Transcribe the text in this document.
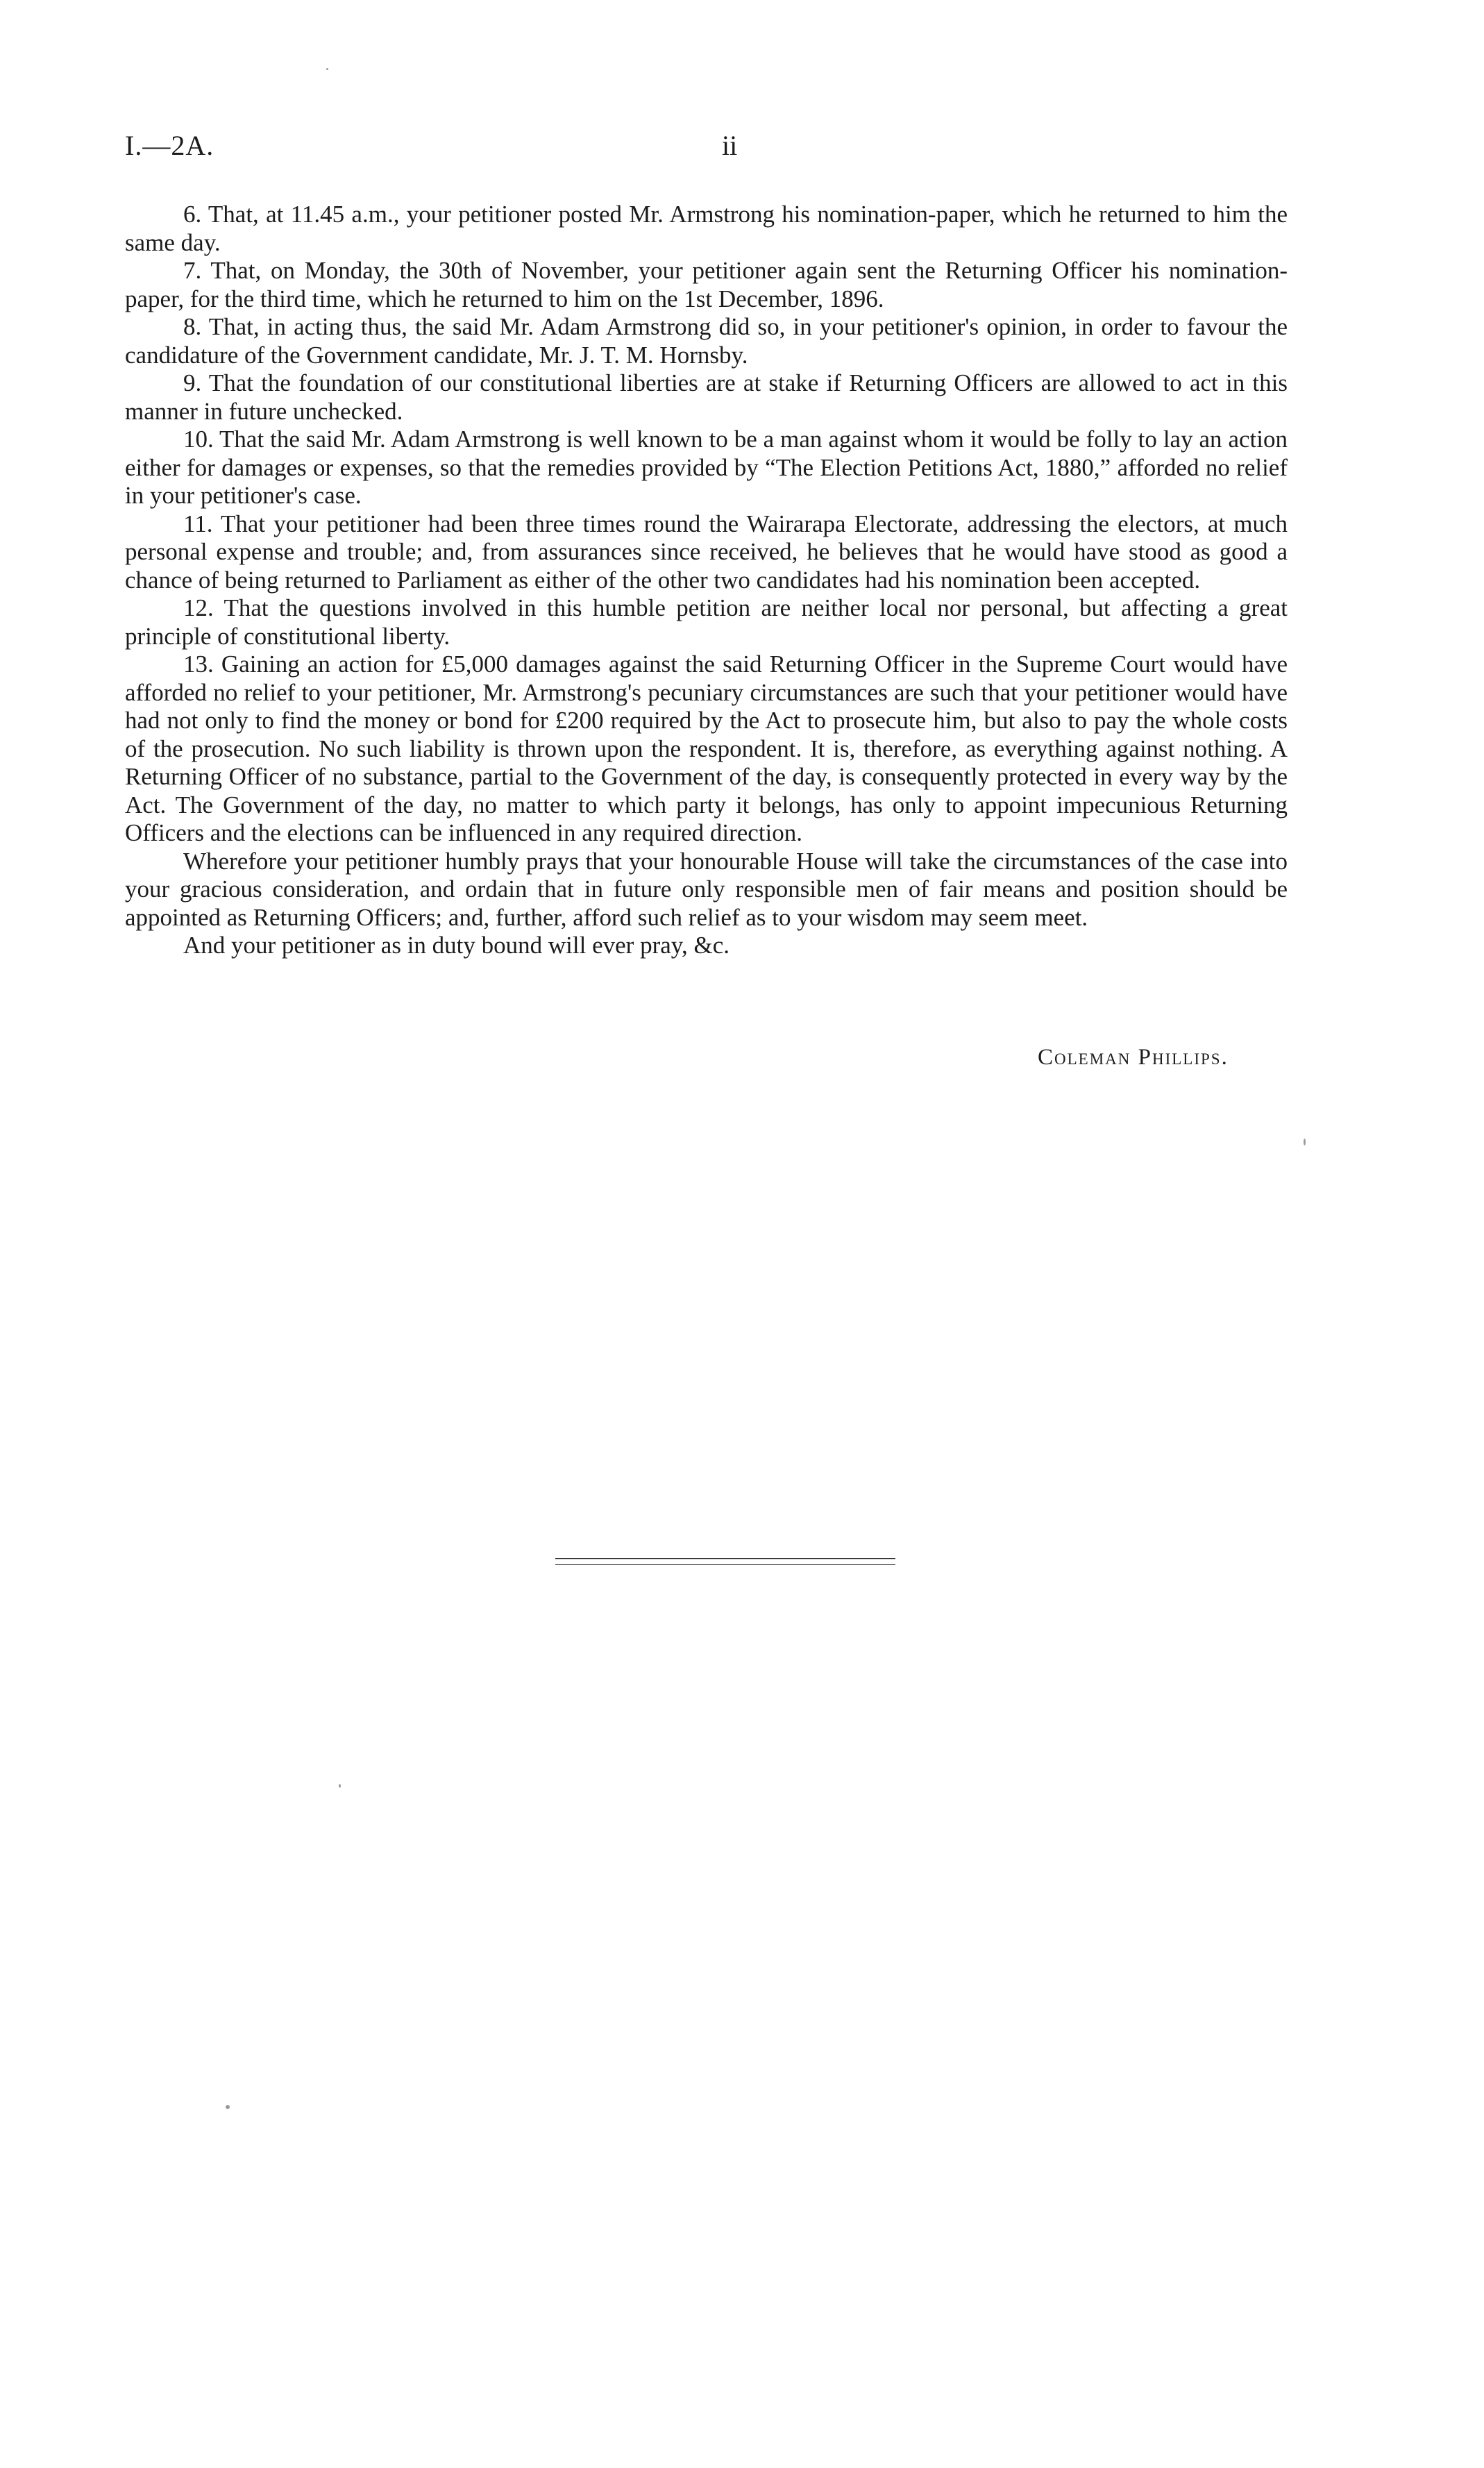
I.—2A.	ii

6. That, at 11.45 a.m., your petitioner posted Mr. Armstrong his nomination-paper, which he returned to him the same day.

7. That, on Monday, the 30th of November, your petitioner again sent the Returning Officer his nomination-paper, for the third time, which he returned to him on the 1st December, 1896.

8. That, in acting thus, the said Mr. Adam Armstrong did so, in your petitioner's opinion, in order to favour the candidature of the Government candidate, Mr. J. T. M. Hornsby.

9. That the foundation of our constitutional liberties are at stake if Returning Officers are allowed to act in this manner in future unchecked.

10. That the said Mr. Adam Armstrong is well known to be a man against whom it would be folly to lay an action either for damages or expenses, so that the remedies provided by “The Election Petitions Act, 1880,” afforded no relief in your petitioner's case.

11. That your petitioner had been three times round the Wairarapa Electorate, addressing the electors, at much personal expense and trouble; and, from assurances since received, he believes that he would have stood as good a chance of being returned to Parliament as either of the other two candidates had his nomination been accepted.

12. That the questions involved in this humble petition are neither local nor personal, but affecting a great principle of constitutional liberty.

13. Gaining an action for £5,000 damages against the said Returning Officer in the Supreme Court would have afforded no relief to your petitioner, Mr. Armstrong's pecuniary circumstances are such that your petitioner would have had not only to find the money or bond for £200 required by the Act to prosecute him, but also to pay the whole costs of the prosecution. No such liability is thrown upon the respondent. It is, therefore, as everything against nothing. A Returning Officer of no substance, partial to the Government of the day, is consequently protected in every way by the Act. The Government of the day, no matter to which party it belongs, has only to appoint impecunious Returning Officers and the elections can be influenced in any required direction.

Wherefore your petitioner humbly prays that your honourable House will take the circumstances of the case into your gracious consideration, and ordain that in future only responsible men of fair means and position should be appointed as Returning Officers; and, further, afford such relief as to your wisdom may seem meet.

And your petitioner as in duty bound will ever pray, &c.

Coleman Phillips.
